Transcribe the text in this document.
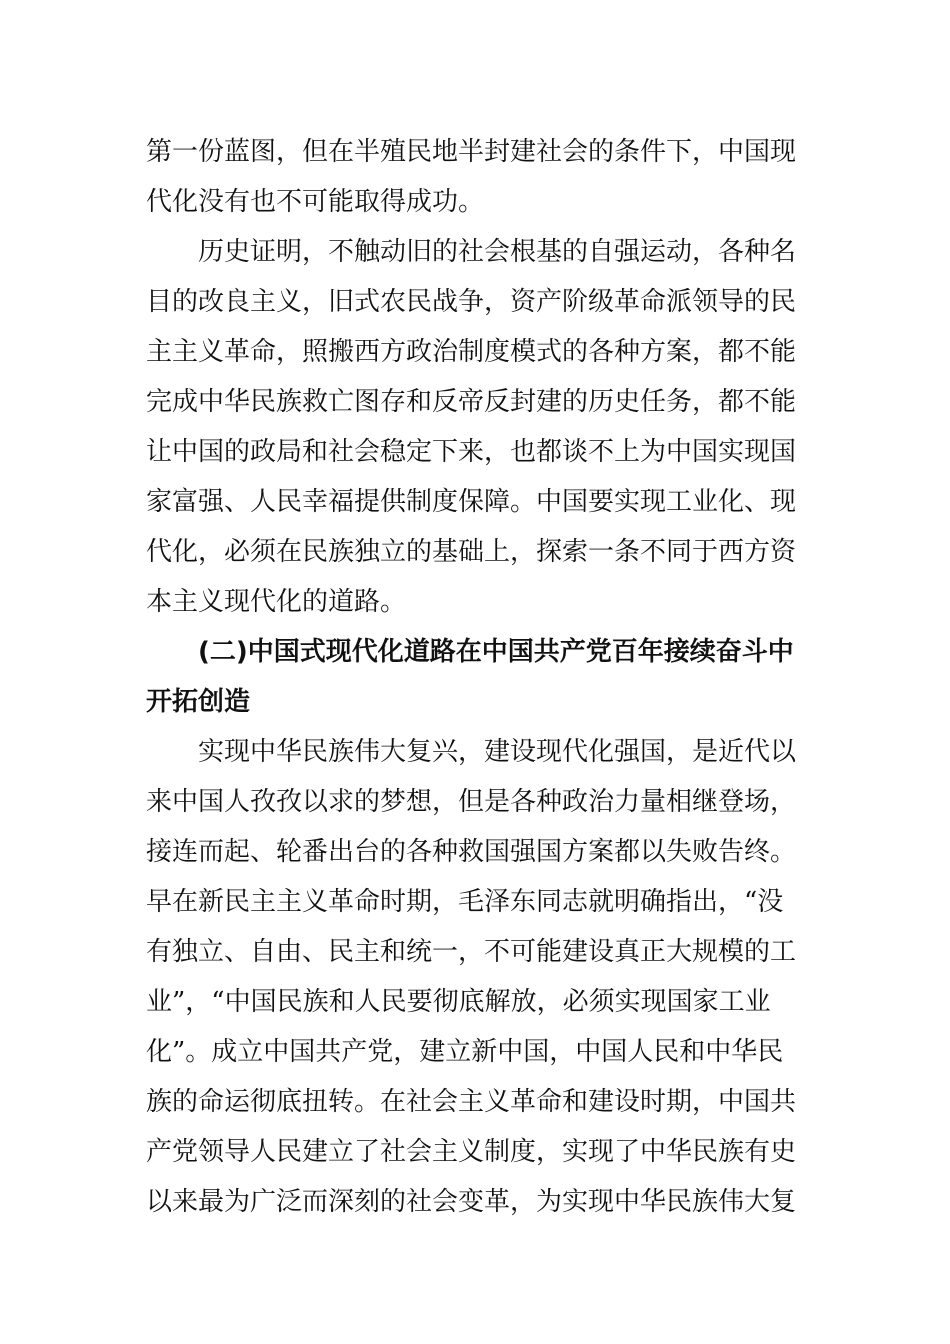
第一份蓝图，但在半殖民地半封建社会的条件下，中国现
代化没有也不可能取得成功。
　　历史证明，不触动旧的社会根基的自强运动，各种名
目的改良主义，旧式农民战争，资产阶级革命派领导的民
主主义革命，照搬西方政治制度模式的各种方案，都不能
完成中华民族救亡图存和反帝反封建的历史任务，都不能
让中国的政局和社会稳定下来，也都谈不上为中国实现国
家富强、人民幸福提供制度保障。中国要实现工业化、现
代化，必须在民族独立的基础上，探索一条不同于西方资
本主义现代化的道路。
　　(二)中国式现代化道路在中国共产党百年接续奋斗中
开拓创造
　　实现中华民族伟大复兴，建设现代化强国，是近代以
来中国人孜孜以求的梦想，但是各种政治力量相继登场，
接连而起、轮番出台的各种救国强国方案都以失败告终。
早在新民主主义革命时期，毛泽东同志就明确指出，“没
有独立、自由、民主和统一，不可能建设真正大规模的工
业”，“中国民族和人民要彻底解放，必须实现国家工业
化”。成立中国共产党，建立新中国，中国人民和中华民
族的命运彻底扭转。在社会主义革命和建设时期，中国共
产党领导人民建立了社会主义制度，实现了中华民族有史
以来最为广泛而深刻的社会变革，为实现中华民族伟大复
